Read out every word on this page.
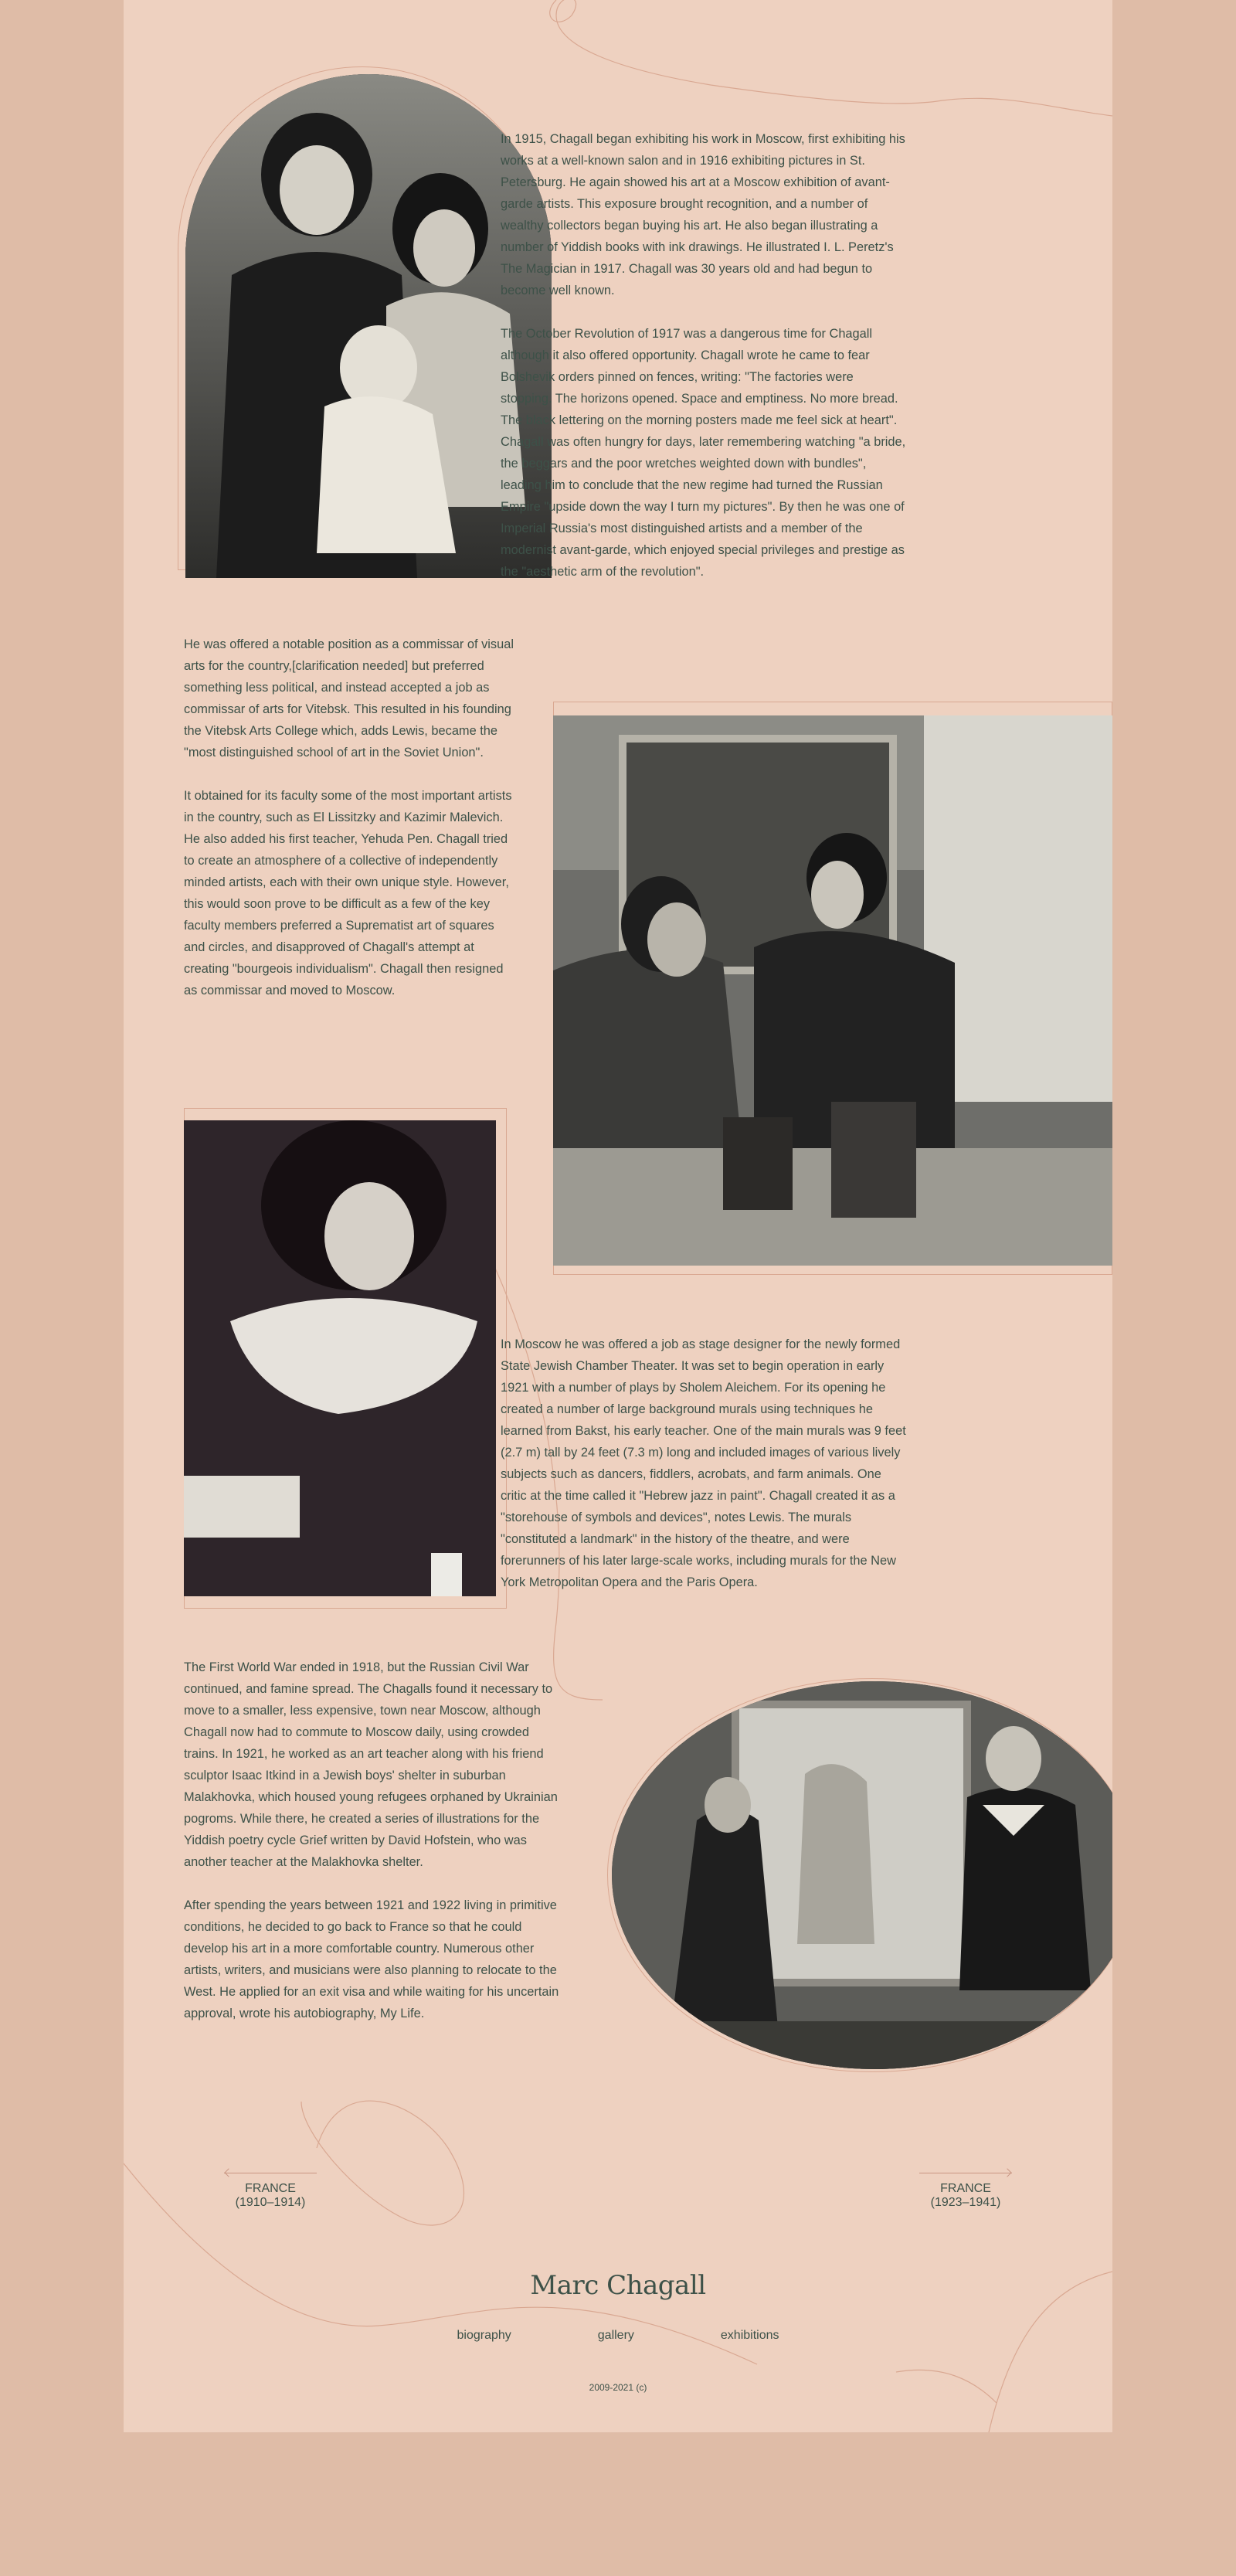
In 1915, Chagall began exhibiting his work in Moscow, first exhibiting his works at a well-known salon and in 1916 exhibiting pictures in St. Petersburg. He again showed his art at a Moscow exhibition of avant-garde artists. This exposure brought recognition, and a number of wealthy collectors began buying his art. He also began illustrating a number of Yiddish books with ink drawings. He illustrated I. L. Peretz's The Magician in 1917. Chagall was 30 years old and had begun to become well known.

The October Revolution of 1917 was a dangerous time for Chagall although it also offered opportunity. Chagall wrote he came to fear Bolshevik orders pinned on fences, writing: "The factories were stopping. The horizons opened. Space and emptiness. No more bread. The black lettering on the morning posters made me feel sick at heart". Chagall was often hungry for days, later remembering watching "a bride, the beggars and the poor wretches weighted down with bundles", leading him to conclude that the new regime had turned the Russian Empire "upside down the way I turn my pictures". By then he was one of Imperial Russia's most distinguished artists and a member of the modernist avant-garde, which enjoyed special privileges and prestige as the "aesthetic arm of the revolution".

He was offered a notable position as a commissar of visual arts for the country,[clarification needed] but preferred something less political, and instead accepted a job as commissar of arts for Vitebsk. This resulted in his founding the Vitebsk Arts College which, adds Lewis, became the "most distinguished school of art in the Soviet Union".

It obtained for its faculty some of the most important artists in the country, such as El Lissitzky and Kazimir Malevich. He also added his first teacher, Yehuda Pen. Chagall tried to create an atmosphere of a collective of independently minded artists, each with their own unique style. However, this would soon prove to be difficult as a few of the key faculty members preferred a Suprematist art of squares and circles, and disapproved of Chagall's attempt at creating "bourgeois individualism". Chagall then resigned as commissar and moved to Moscow.

In Moscow he was offered a job as stage designer for the newly formed State Jewish Chamber Theater. It was set to begin operation in early 1921 with a number of plays by Sholem Aleichem. For its opening he created a number of large background murals using techniques he learned from Bakst, his early teacher. One of the main murals was 9 feet (2.7 m) tall by 24 feet (7.3 m) long and included images of various lively subjects such as dancers, fiddlers, acrobats, and farm animals. One critic at the time called it "Hebrew jazz in paint". Chagall created it as a "storehouse of symbols and devices", notes Lewis. The murals "constituted a landmark" in the history of the theatre, and were forerunners of his later large-scale works, including murals for the New York Metropolitan Opera and the Paris Opera.

The First World War ended in 1918, but the Russian Civil War continued, and famine spread. The Chagalls found it necessary to move to a smaller, less expensive, town near Moscow, although Chagall now had to commute to Moscow daily, using crowded trains. In 1921, he worked as an art teacher along with his friend sculptor Isaac Itkind in a Jewish boys' shelter in suburban Malakhovka, which housed young refugees orphaned by Ukrainian pogroms. While there, he created a series of illustrations for the Yiddish poetry cycle Grief written by David Hofstein, who was another teacher at the Malakhovka shelter.

After spending the years between 1921 and 1922 living in primitive conditions, he decided to go back to France so that he could develop his art in a more comfortable country. Numerous other artists, writers, and musicians were also planning to relocate to the West. He applied for an exit visa and while waiting for his uncertain approval, wrote his autobiography, My Life.

FRANCE
(1910–1914)
FRANCE
(1923–1941)
Marc Chagall
biography	gallery	exhibitions
2009-2021 (c)
